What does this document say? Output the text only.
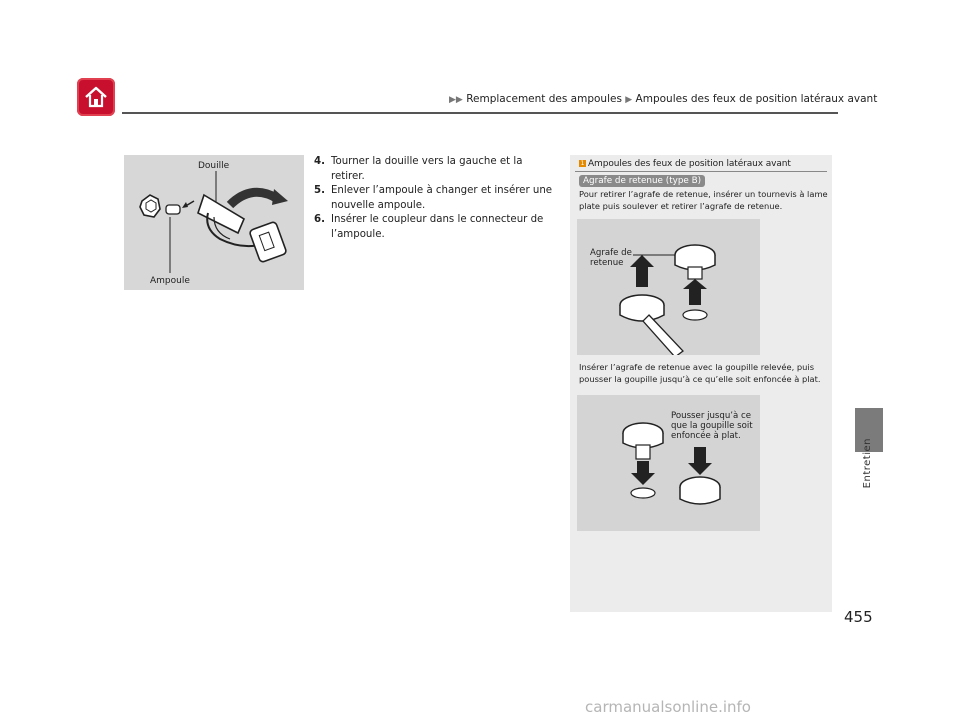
▶▶ Remplacement des ampoules ▶ Ampoules des feux de position latéraux avant
Douille
Ampoule
4. Tourner la douille vers la gauche et la retirer.
5. Enlever l’ampoule à changer et insérer une nouvelle ampoule.
6. Insérer le coupleur dans le connecteur de l’ampoule.
1 Ampoules des feux de position latéraux avant
Agrafe de retenue (type B)
Pour retirer l’agrafe de retenue, insérer un tournevis à lame plate puis soulever et retirer l’agrafe de retenue.
Agrafe de retenue
Insérer l’agrafe de retenue avec la goupille relevée, puis pousser la goupille jusqu’à ce qu’elle soit enfoncée à plat.
Pousser jusqu’à ce que la goupille soit enfoncée à plat.
Entretien
455
carmanualsonline.info
